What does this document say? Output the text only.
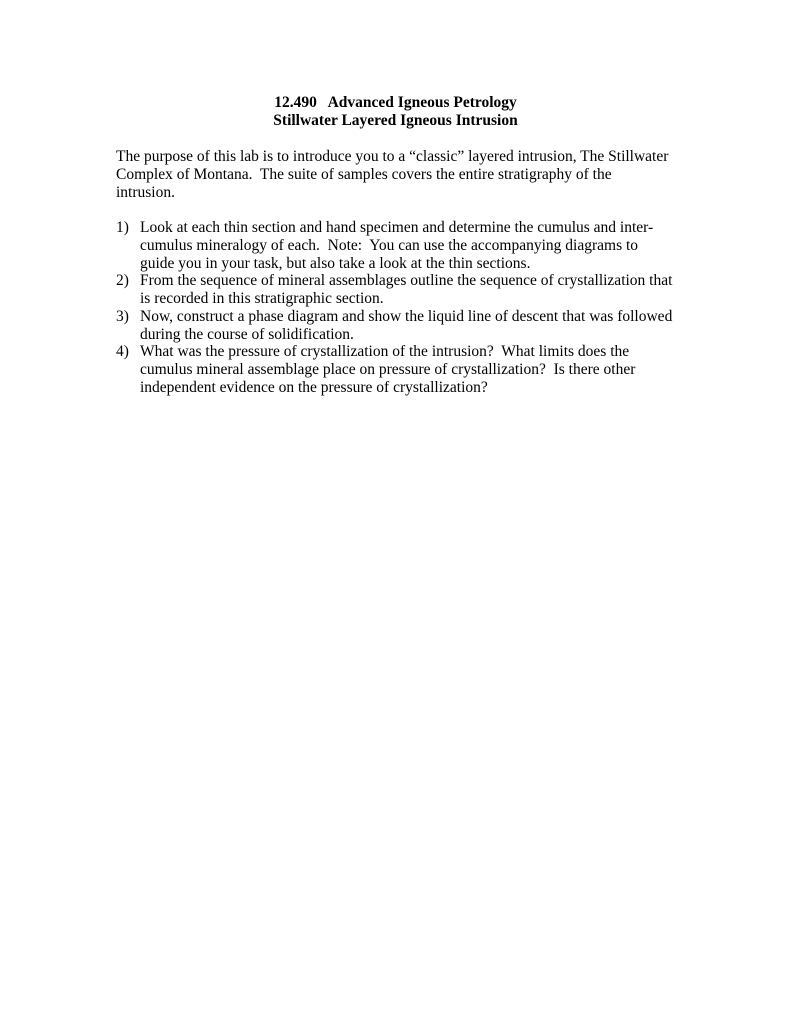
12.490   Advanced Igneous Petrology
Stillwater Layered Igneous Intrusion
The purpose of this lab is to introduce you to a “classic” layered intrusion, The Stillwater
Complex of Montana.  The suite of samples covers the entire stratigraphy of the
intrusion.
1) Look at each thin section and hand specimen and determine the cumulus and inter-
cumulus mineralogy of each.  Note:  You can use the accompanying diagrams to
guide you in your task, but also take a look at the thin sections.
2) From the sequence of mineral assemblages outline the sequence of crystallization that
is recorded in this stratigraphic section.
3) Now, construct a phase diagram and show the liquid line of descent that was followed
during the course of solidification.
4) What was the pressure of crystallization of the intrusion?  What limits does the
cumulus mineral assemblage place on pressure of crystallization?  Is there other
independent evidence on the pressure of crystallization?
